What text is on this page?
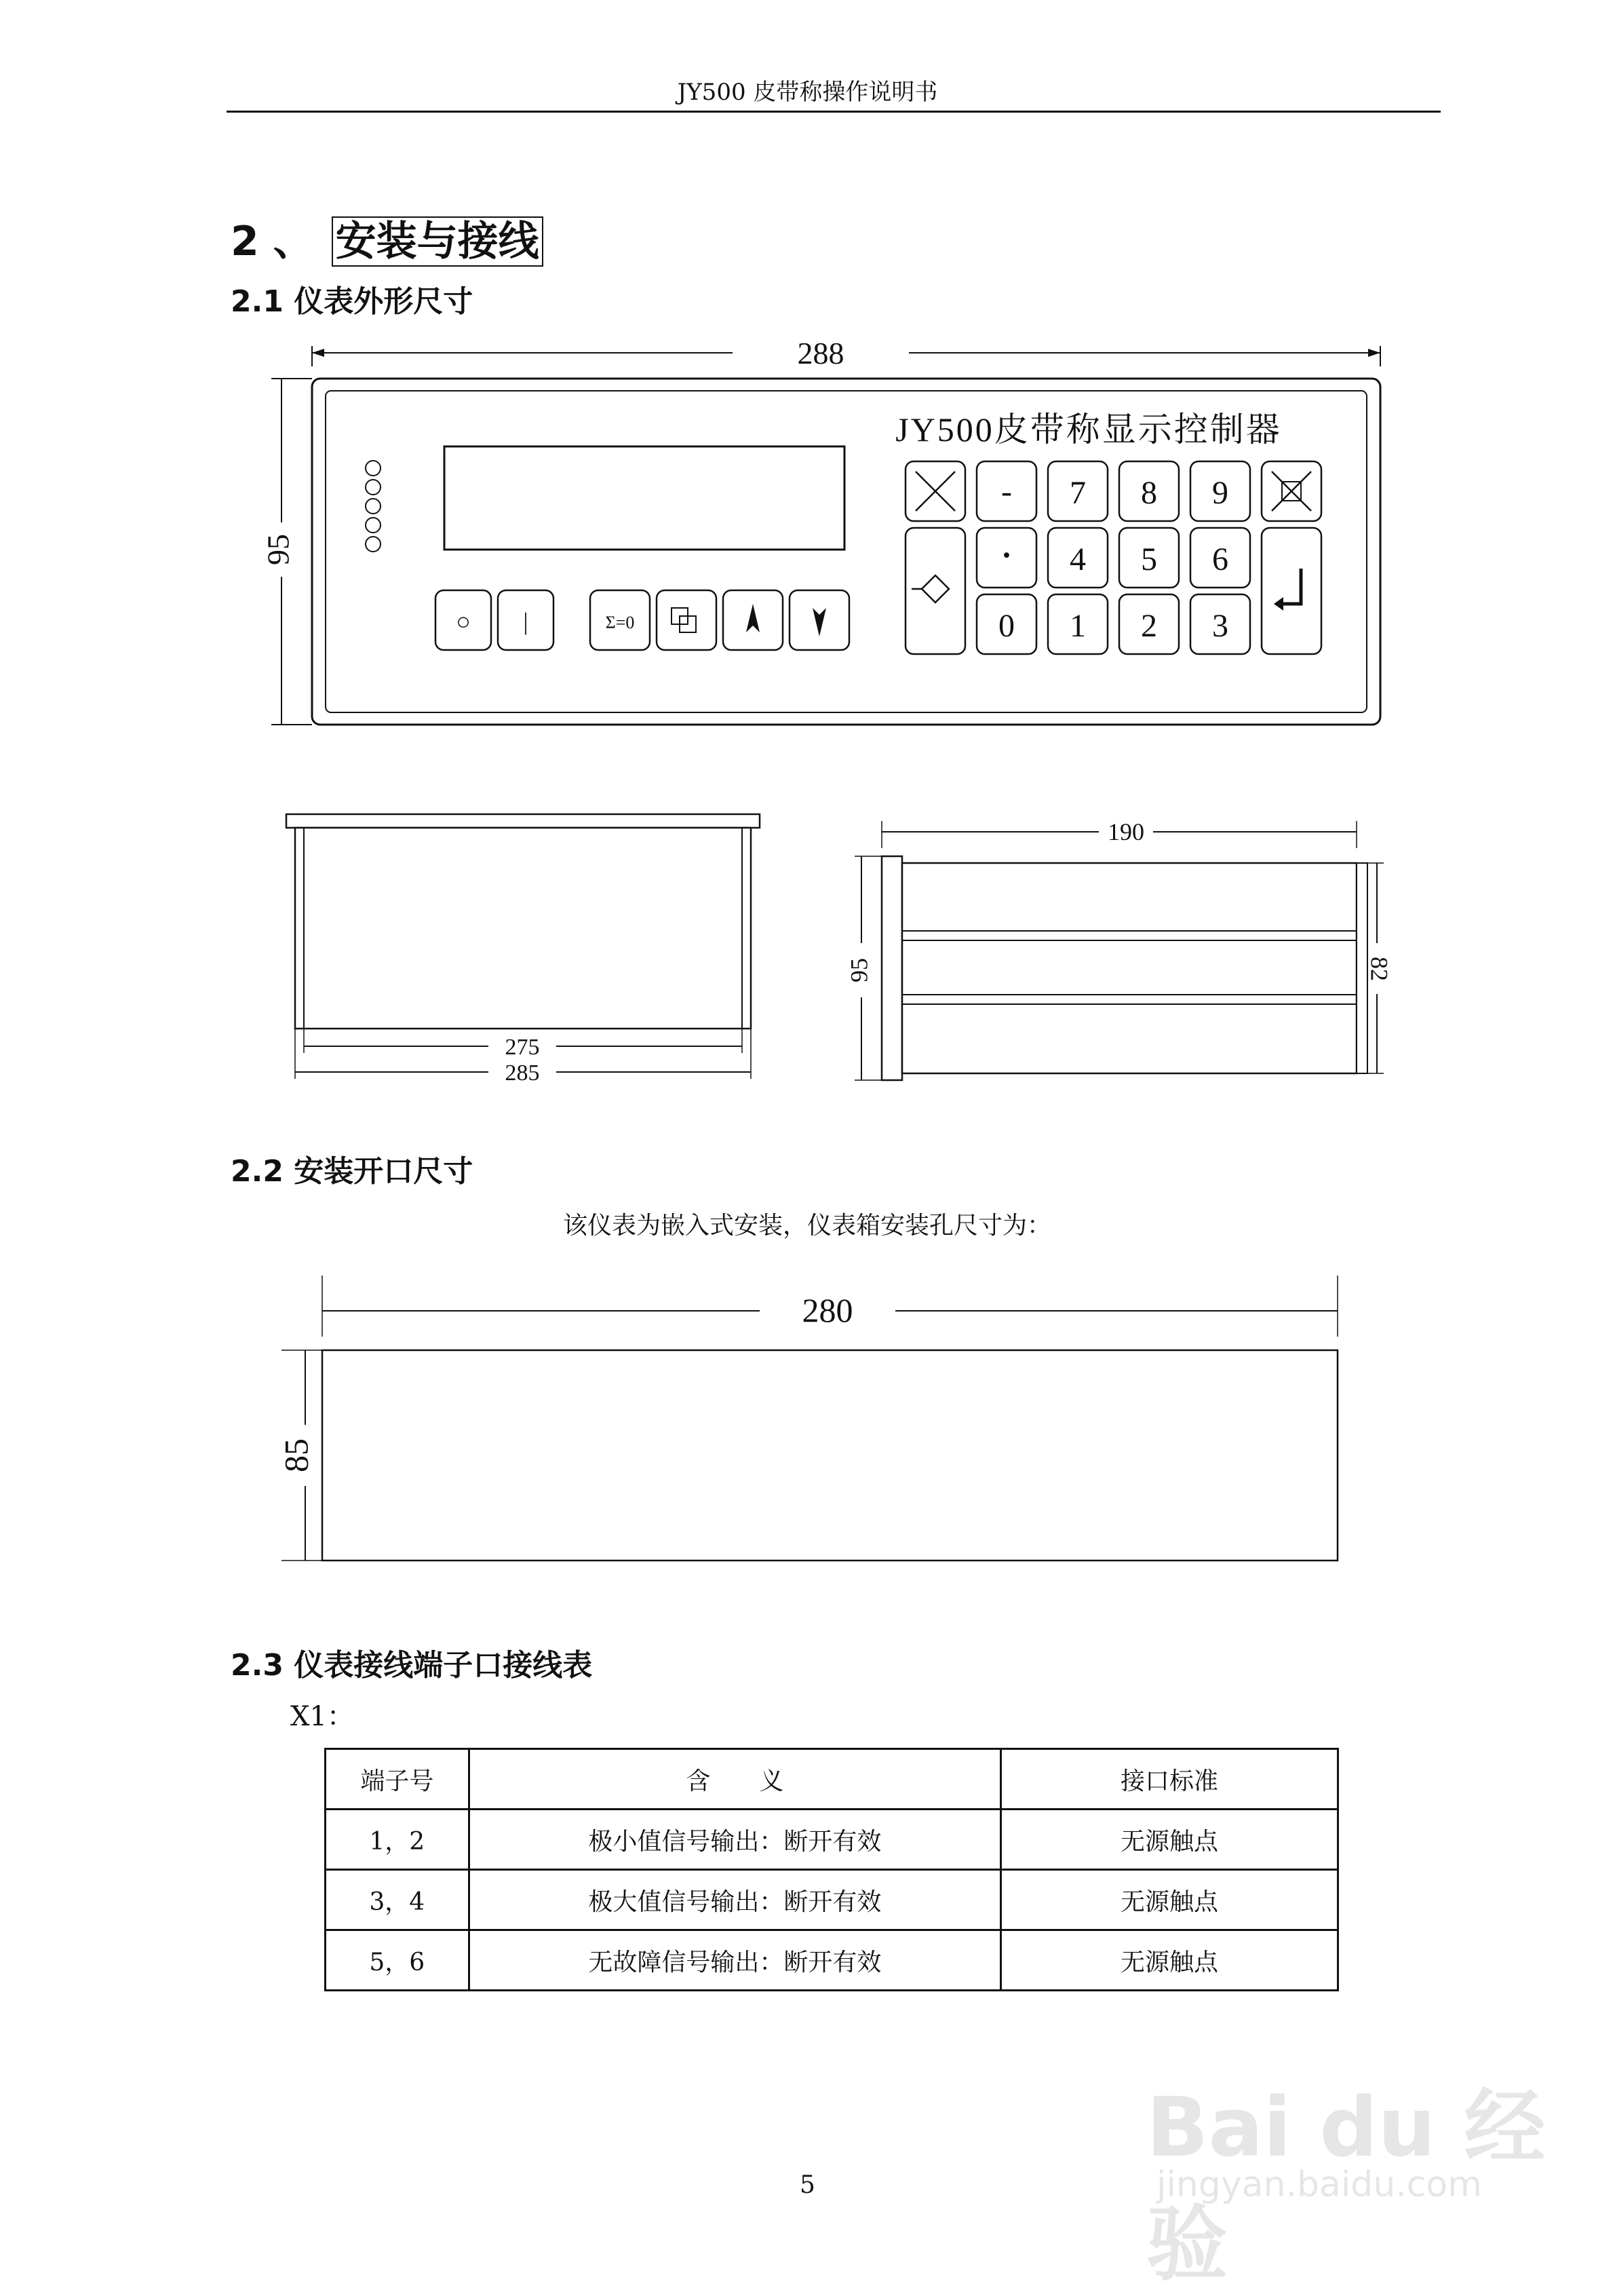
JY500 皮带称操作说明书
2 、 安装与接线
2.1 仪表外形尺寸
288
95
JY500皮带称显示控制器
○ |	Σ=0
- 7 8 9
· 4 5 6
0 1 2 3
275
285
190
95	82
2.2 安装开口尺寸
该仪表为嵌入式安装，仪表箱安装孔尺寸为：
280
85
2.3 仪表接线端子口接线表
X1：
端子号	含　　义	接口标准
1，2	极小值信号输出：断开有效	无源触点
3，4	极大值信号输出：断开有效	无源触点
5，6	无故障信号输出：断开有效	无源触点
5
Bai du 经验
jingyan.baidu.com
